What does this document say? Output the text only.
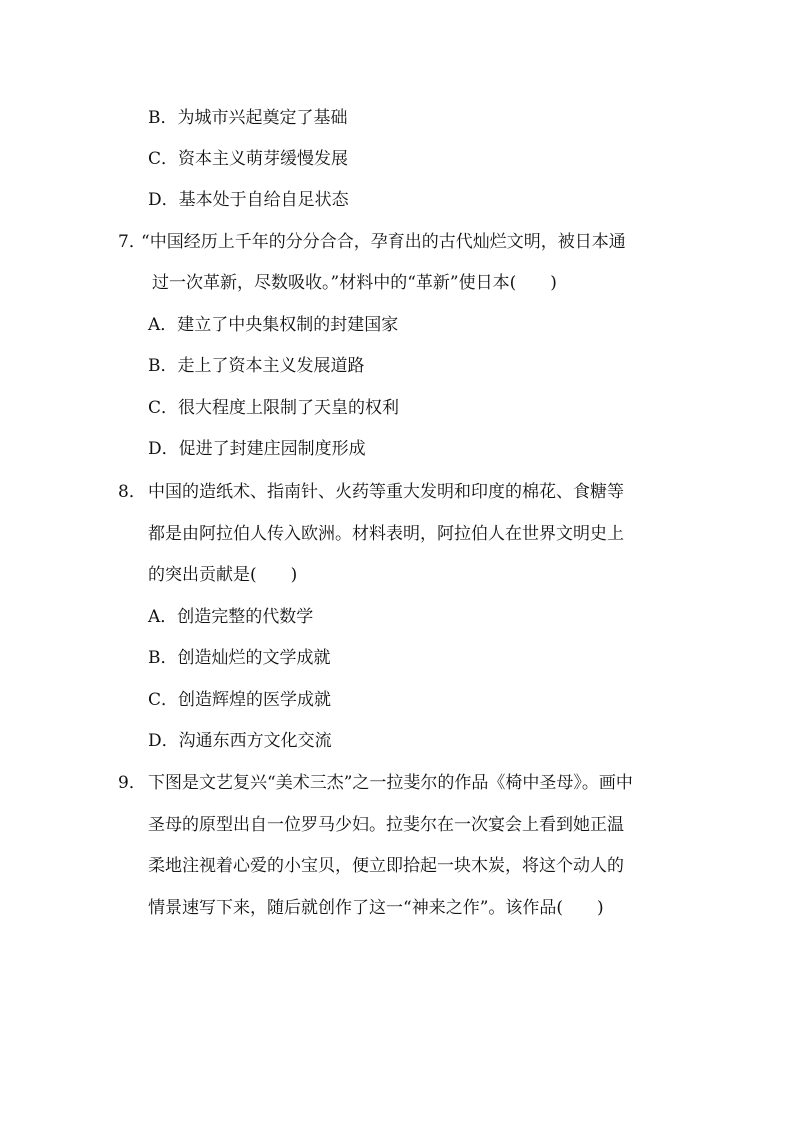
B．为城市兴起奠定了基础
C．资本主义萌芽缓慢发展
D．基本处于自给自足状态
7．
“中国经历上千年的分分合合，孕育出的古代灿烂文明，被日本通
过一次革新，尽数吸收。”材料中的“革新”使日本(　　)
A．建立了中央集权制的封建国家
B．走上了资本主义发展道路
C．很大程度上限制了天皇的权利
D．促进了封建庄园制度形成
8． 中国的造纸术、指南针、火药等重大发明和印度的棉花、食糖等
都是由阿拉伯人传入欧洲。材料表明，阿拉伯人在世界文明史上
的突出贡献是(　　)
A．创造完整的代数学
B．创造灿烂的文学成就
C．创造辉煌的医学成就
D．沟通东西方文化交流
9． 下图是文艺复兴“美术三杰”之一拉斐尔的作品《椅中圣母》。画中
圣母的原型出自一位罗马少妇。拉斐尔在一次宴会上看到她正温
柔地注视着心爱的小宝贝，便立即拾起一块木炭，将这个动人的
情景速写下来，随后就创作了这一“神来之作”。该作品(　　)
